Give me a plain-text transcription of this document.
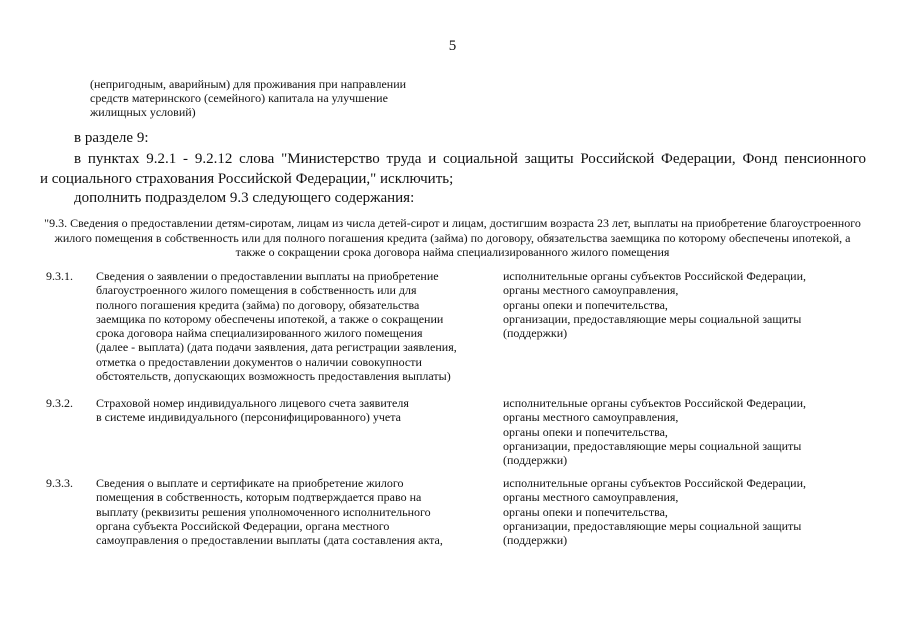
5
(непригодным, аварийным) для проживания при направлении
средств материнского (семейного) капитала на улучшение
жилищных условий)
в разделе 9:
в пунктах 9.2.1 - 9.2.12 слова "Министерство труда и социальной защиты Российской Федерации, Фонд пенсионного
и социального страхования Российской Федерации," исключить;
дополнить подразделом 9.3 следующего содержания:
"9.3. Сведения о предоставлении детям-сиротам, лицам из числа детей-сирот и лицам, достигшим возраста 23 лет, выплаты на приобретение благоустроенного жилого помещения в собственность или для полного погашения кредита (займа) по договору, обязательства заемщика по которому обеспечены ипотекой, а также о сокращении срока договора найма специализированного жилого помещения
9.3.1. Сведения о заявлении о предоставлении выплаты на приобретение
благоустроенного жилого помещения в собственность или для
полного погашения кредита (займа) по договору, обязательства
заемщика по которому обеспечены ипотекой, а также о сокращении
срока договора найма специализированного жилого помещения
(далее - выплата) (дата подачи заявления, дата регистрации заявления,
отметка о предоставлении документов о наличии совокупности
обстоятельств, допускающих возможность предоставления выплаты)
исполнительные органы субъектов Российской Федерации,
органы местного самоуправления,
органы опеки и попечительства,
организации, предоставляющие меры социальной защиты
(поддержки)
9.3.2. Страховой номер индивидуального лицевого счета заявителя
в системе индивидуального (персонифицированного) учета
исполнительные органы субъектов Российской Федерации,
органы местного самоуправления,
органы опеки и попечительства,
организации, предоставляющие меры социальной защиты
(поддержки)
9.3.3. Сведения о выплате и сертификате на приобретение жилого
помещения в собственность, которым подтверждается право на
выплату (реквизиты решения уполномоченного исполнительного
органа субъекта Российской Федерации, органа местного
самоуправления о предоставлении выплаты (дата составления акта,
исполнительные органы субъектов Российской Федерации,
органы местного самоуправления,
органы опеки и попечительства,
организации, предоставляющие меры социальной защиты
(поддержки)
